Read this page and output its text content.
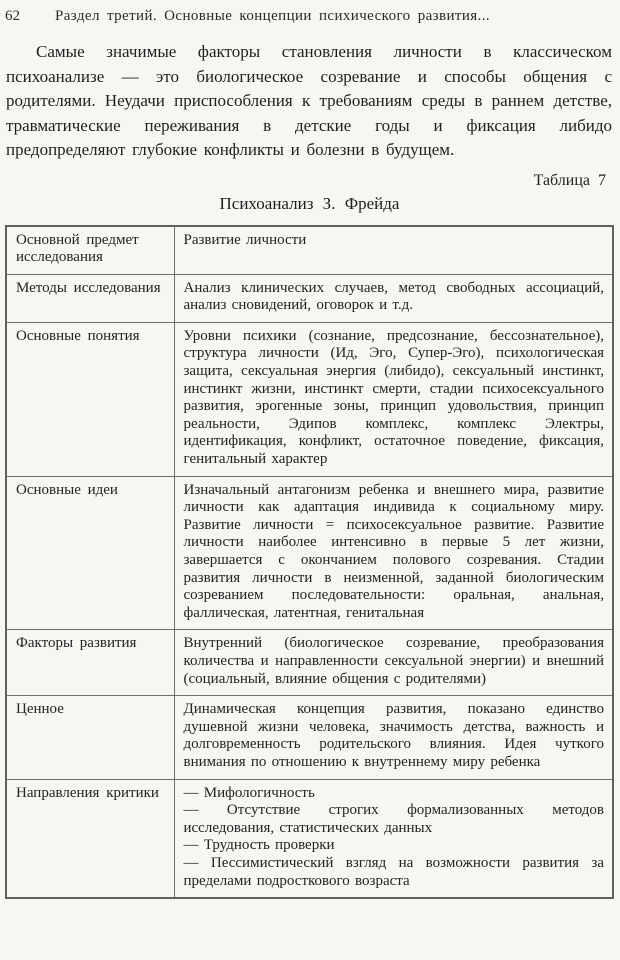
62	Раздел третий. Основные концепции психического развития...

Самые значимые факторы становления личности в классическом психоанализе — это биологическое созревание и способы общения с родителями. Неудачи приспособления к требованиям среды в раннем детстве, травматические переживания в детские годы и фиксация либидо предопределяют глубокие конфликты и болезни в будущем.

Таблица 7
Психоанализ З. Фрейда
Основной предмет исследования	Развитие личности
Методы исследования	Анализ клинических случаев, метод свободных ассоциаций, анализ сновидений, оговорок и т.д.
Основные понятия	Уровни психики (сознание, предсознание, бессознательное), структура личности (Ид, Эго, Супер-Эго), психологическая защита, сексуальная энергия (либидо), сексуальный инстинкт, инстинкт жизни, инстинкт смерти, стадии психосексуального развития, эрогенные зоны, принцип удовольствия, принцип реальности, Эдипов комплекс, комплекс Электры, идентификация, конфликт, остаточное поведение, фиксация, генитальный характер
Основные идеи	Изначальный антагонизм ребенка и внешнего мира, развитие личности как адаптация индивида к социальному миру. Развитие личности = психосексуальное развитие. Развитие личности наиболее интенсивно в первые 5 лет жизни, завершается с окончанием полового созревания. Стадии развития личности в неизменной, заданной биологическим созреванием последовательности: оральная, анальная, фаллическая, латентная, генитальная
Факторы развития	Внутренний (биологическое созревание, преобразования количества и направленности сексуальной энергии) и внешний (социальный, влияние общения с родителями)
Ценное	Динамическая концепция развития, показано единство душевной жизни человека, значимость детства, важность и долговременность родительского влияния. Идея чуткого внимания по отношению к внутреннему миру ребенка
Направления критики	— Мифологичность
— Отсутствие строгих формализованных методов исследования, статистических данных
— Трудность проверки
— Пессимистический взгляд на возможности развития за пределами подросткового возраста
